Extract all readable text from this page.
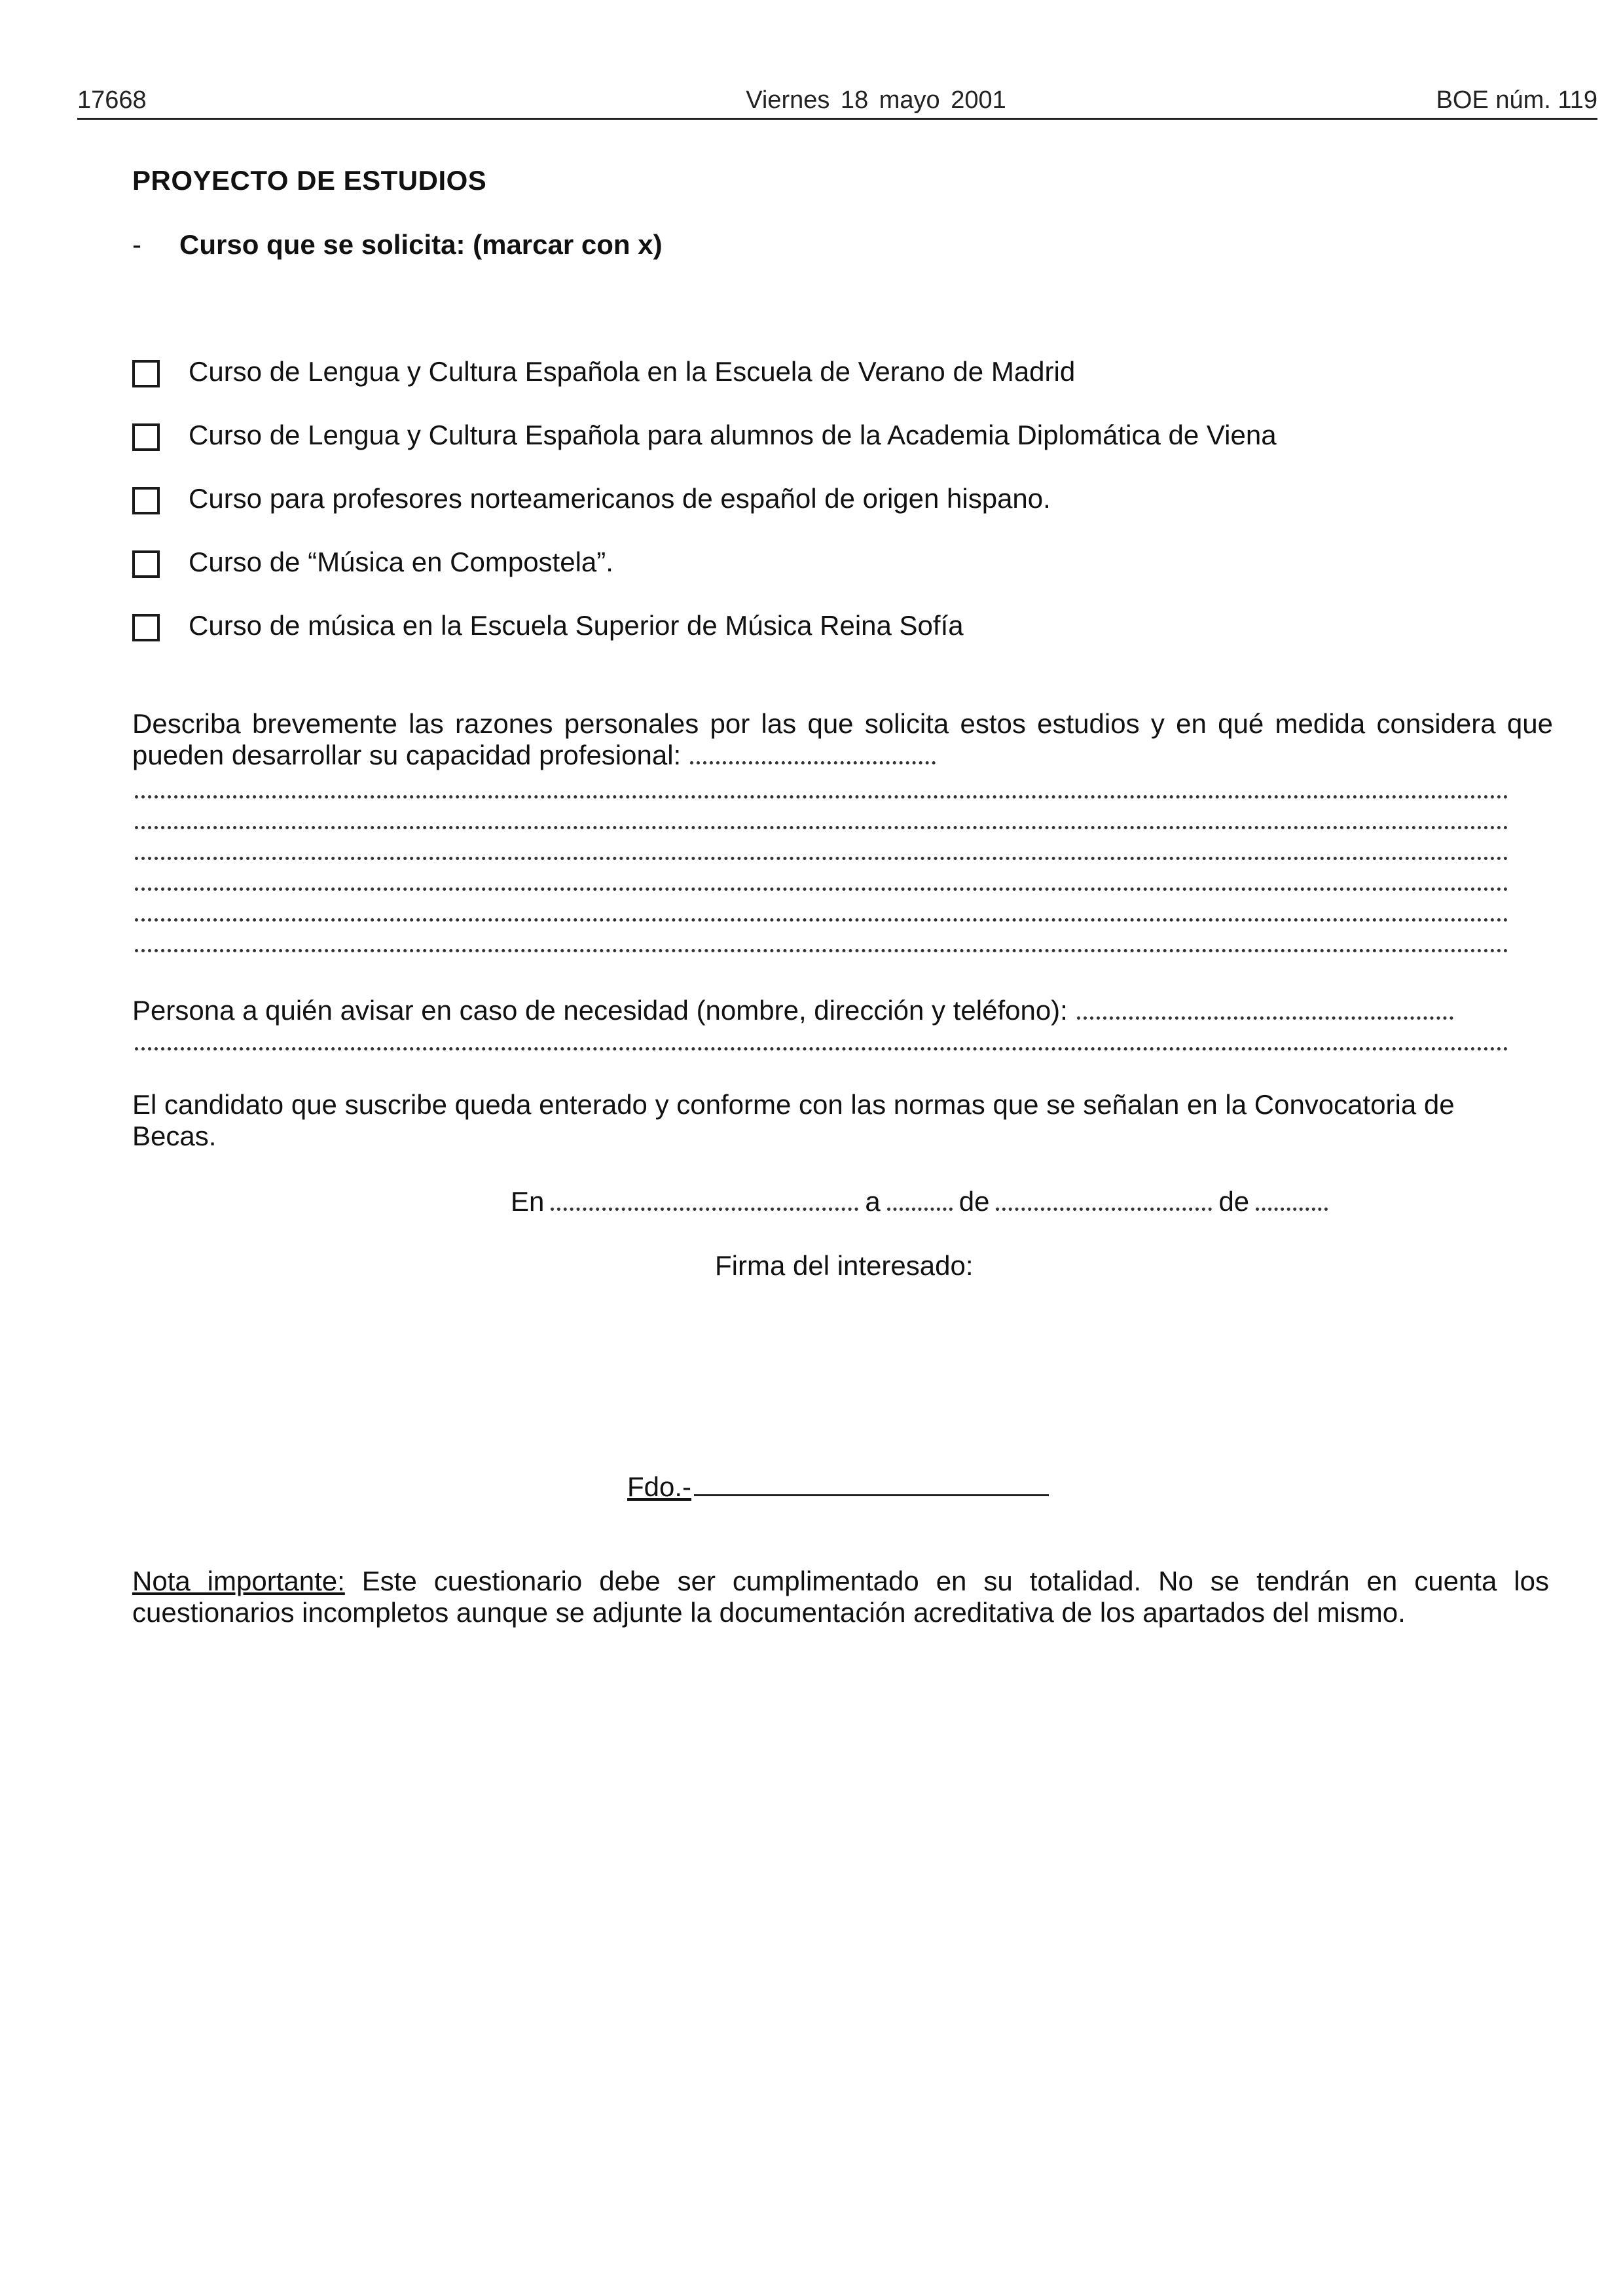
17668	Viernes 18 mayo 2001	BOE núm. 119
PROYECTO DE ESTUDIOS
- Curso que se solicita: (marcar con x)
Curso de Lengua y Cultura Española en la Escuela de Verano de Madrid
Curso de Lengua y Cultura Española para alumnos de la Academia Diplomática de Viena
Curso para profesores norteamericanos de español de origen hispano.
Curso de “Música en Compostela”.
Curso de música en la Escuela Superior de Música Reina Sofía
Describa brevemente las razones personales por las que solicita estos estudios y en qué medida considera que pueden desarrollar su capacidad profesional:
Persona a quién avisar en caso de necesidad (nombre, dirección y teléfono):
El candidato que suscribe queda enterado y conforme con las normas que se señalan en la Convocatoria de Becas.
En	a	de	de
Firma del interesado:
Fdo.-
Nota importante: Este cuestionario debe ser cumplimentado en su totalidad. No se tendrán en cuenta los cuestionarios incompletos aunque se adjunte la documentación acreditativa de los apartados del mismo.
